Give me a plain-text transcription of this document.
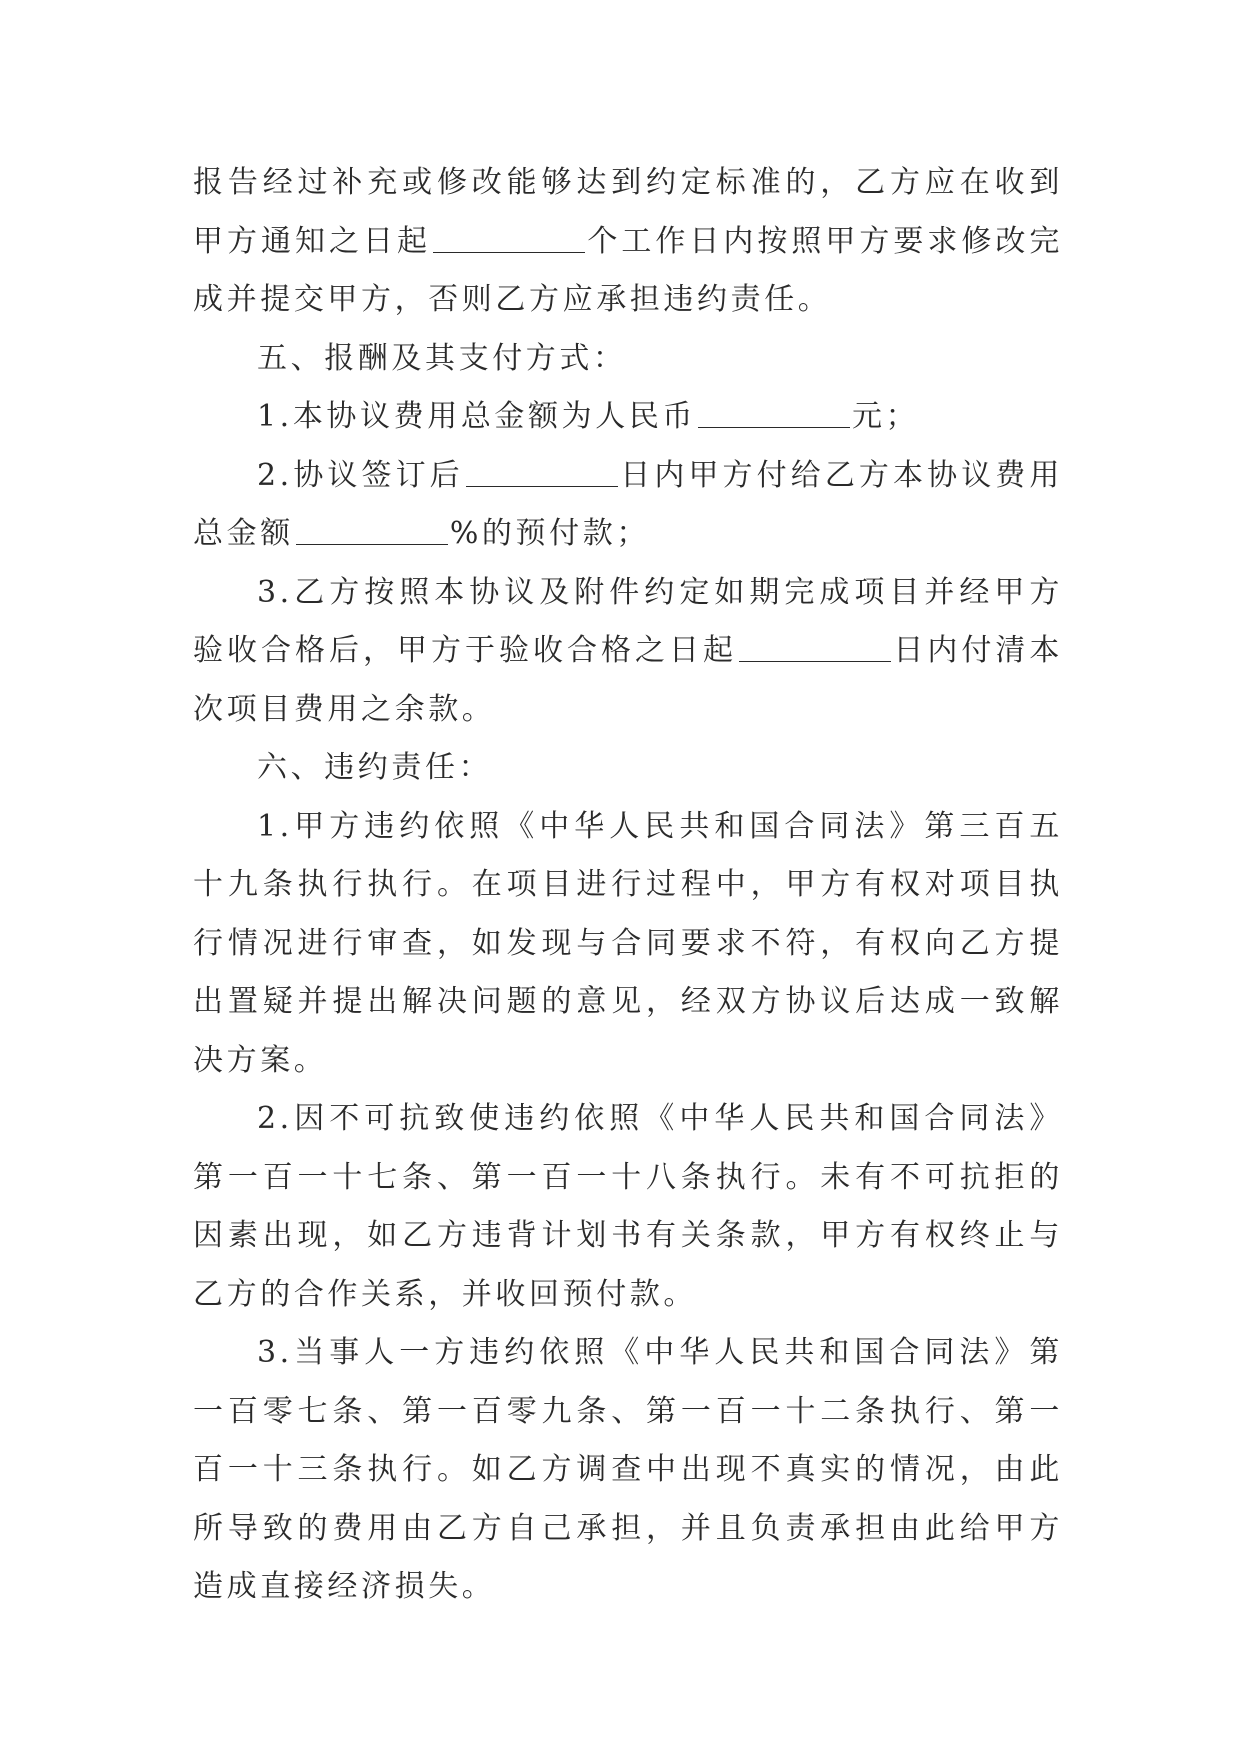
报告经过补充或修改能够达到约定标准的，乙方应在收到甲方通知之日起	个工作日内按照甲方要求修改完成并提交甲方，否则乙方应承担违约责任。

五、报酬及其支付方式：

1.本协议费用总金额为人民币	元；

2.协议签订后	日内甲方付给乙方本协议费用总金额	%的预付款；

3.乙方按照本协议及附件约定如期完成项目并经甲方验收合格后，甲方于验收合格之日起	日内付清本次项目费用之余款。

六、违约责任：

1.甲方违约依照《中华人民共和国合同法》第三百五十九条执行执行。在项目进行过程中，甲方有权对项目执行情况进行审查，如发现与合同要求不符，有权向乙方提出置疑并提出解决问题的意见，经双方协议后达成一致解决方案。

2.因不可抗致使违约依照《中华人民共和国合同法》第一百一十七条、第一百一十八条执行。未有不可抗拒的因素出现，如乙方违背计划书有关条款，甲方有权终止与乙方的合作关系，并收回预付款。

3.当事人一方违约依照《中华人民共和国合同法》第一百零七条、第一百零九条、第一百一十二条执行、第一百一十三条执行。如乙方调查中出现不真实的情况，由此所导致的费用由乙方自己承担，并且负责承担由此给甲方造成直接经济损失。
